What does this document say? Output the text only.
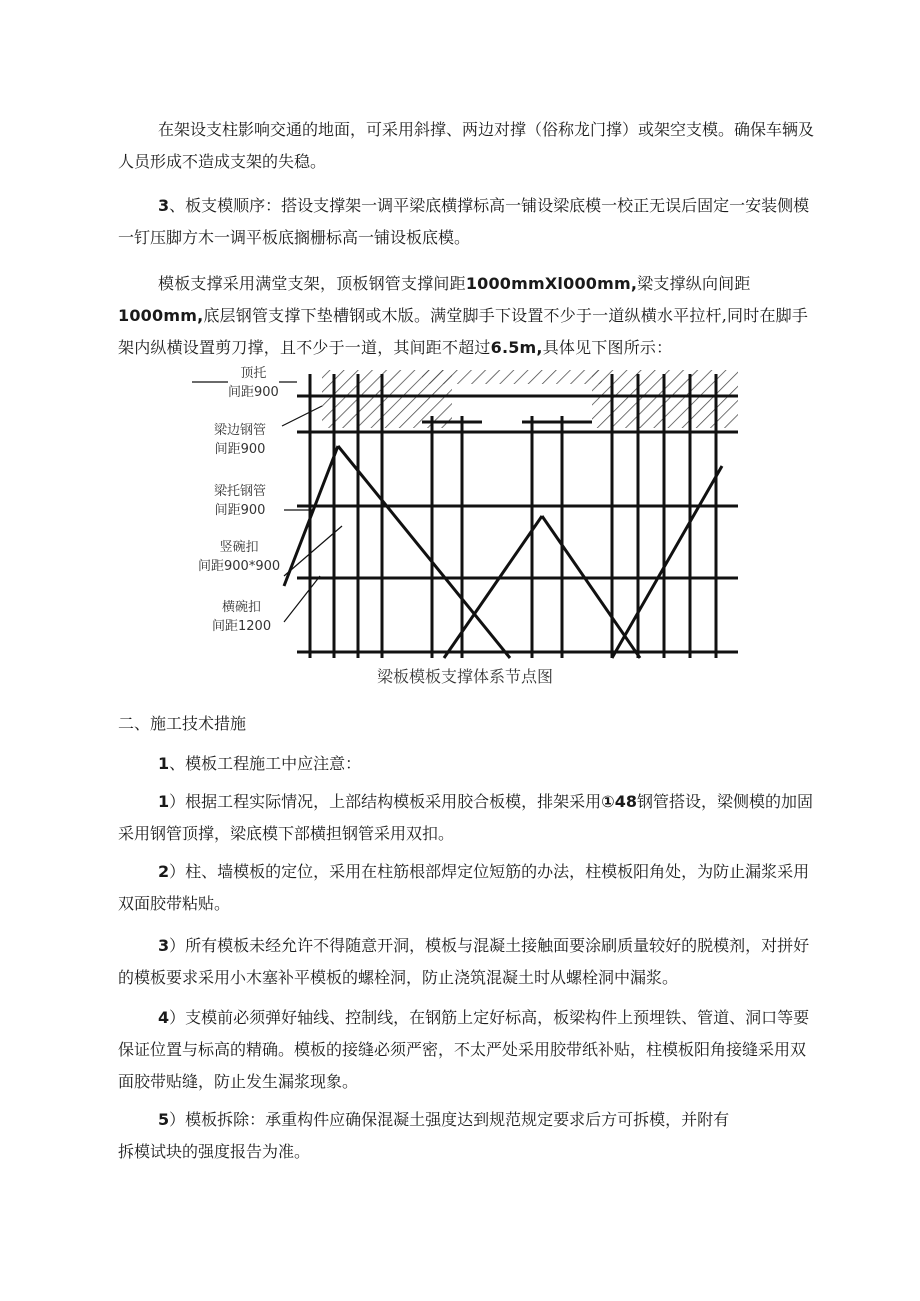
在架设支柱影响交通的地面，可采用斜撑、两边对撑（俗称龙门撑）或架空支模。确保车辆及人员形成不造成支架的失稳。

3、板支模顺序：搭设支撑架一调平梁底横撑标高一铺设梁底模一校正无误后固定一安装侧模一钉压脚方木一调平板底搁栅标高一铺设板底模。

模板支撑采用满堂支架，顶板钢管支撑间距1000mmXl000mm,梁支撑纵向间距
1000mm,底层钢管支撑下垫槽钢或木版。满堂脚手下设置不少于一道纵横水平拉杆,同时在脚手架内纵横设置剪刀撑，且不少于一道，其间距不超过6.5m,具体见下图所示：

顶托
间距900
梁边钢管
间距900
梁托钢管
间距900
竖碗扣
间距900*900
横碗扣
间距1200
梁板模板支撑体系节点图

二、施工技术措施

1、模板工程施工中应注意：

1）根据工程实际情况，上部结构模板采用胶合板模，排架采用①48钢管搭设，梁侧模的加固采用钢管顶撑，梁底模下部横担钢管采用双扣。

2）柱、墙模板的定位，采用在柱筋根部焊定位短筋的办法，柱模板阳角处，为防止漏浆采用双面胶带粘贴。

3）所有模板未经允许不得随意开洞，模板与混凝土接触面要涂刷质量较好的脱模剂，对拼好的模板要求采用小木塞补平模板的螺栓洞，防止浇筑混凝土时从螺栓洞中漏浆。

4）支模前必须弹好轴线、控制线，在钢筋上定好标高，板梁构件上预埋铁、管道、洞口等要保证位置与标高的精确。模板的接缝必须严密，不太严处采用胶带纸补贴，柱模板阳角接缝采用双面胶带贴缝，防止发生漏浆现象。

5）模板拆除：承重构件应确保混凝土强度达到规范规定要求后方可拆模，并附有
拆模试块的强度报告为准。
